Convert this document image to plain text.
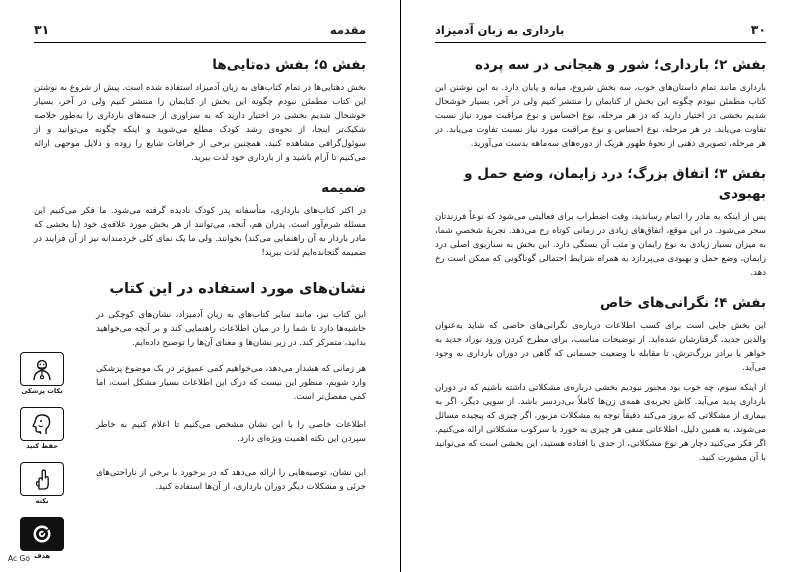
۳۰
بارداری به زبان آدمیزاد
بفش ۲؛ بارداری؛ شور و هیجانی در سه پرده

بارداری مانند تمام داستان‌های خوب، سه بخش شروع، میانه و پایان دارد. به این نوشتن این کتاب مطمئن نبودم چگونه این بخش از کتابمان را منتشر کنیم ولی در آخر، بسیار خوشحال شدیم بخشی در اختیار دارید که در هر مرحله، نوع احساس و نوع مراقبت مورد نیاز نسبت تفاوت می‌یابد. در هر مرحله، نوع احساس و نوع مراقبت مورد نیاز نسبت تفاوت می‌یابد. در هر مرحله، تصویری ذهنی از نحوهٔ ظهور هریک از دوره‌های سه‌ماهه بدست می‌آورید.

بفش ۳؛ اتفاق بزرگ؛ درد زایمان، وضع حمل و بهبودی

پس از اینکه به مادر را اتمام رساندید، وقت اضطراب برای فعالیتی می‌شود که نوعاً فرزندتان سحر می‌شود. در این موقع، اتفاق‌های زیادی در زمانی کوتاه رخ می‌دهد. تجربهٔ شخصیِ شما، به میزان بسیار زیادی به نوع زایمان و مثب آن بستگی دارد. این بخش به سناریوی اصلی درد زایمان، وضع حمل و بهبودی می‌پردازد به همراه شرایط احتمالی گوناگونی که ممکن است رخ دهد.

بفش ۴؛ نگرانی‌های خاص

این بخش جایی است برای کسب اطلاعات درباره‌ی نگرانی‌های خاصی که شاید به‌عنوان والدین جدید، گرفتارشان شده‌اید. از توضیحات مناسب، برای مطرح کردن ورود نوزاد جدید به خواهر یا برادر بزرگ‌ترش، تا مقابله با وضعیت جسمانی که گاهی در دوران بارداری به وجود می‌آید.

از اینکه سوم، چه خوب بود مجبور نبودیم بخشی درباره‌ی مشکلاتی داشته باشیم که در دوران بارداری پدید می‌آید. کاش تجربه‌ی همه‌ی زن‌ها کاملاً بی‌دردسر باشد. از سویی دیگر، اگر به بیماری از مشکلاتی که بروز می‌کند دقیقاً توجه به مشکلات مزبور، اگر چیزی که پیچیده مسائل می‌شوند، به همین دلیل، اطلاعاتی منفی هر چیزی به خورد با سرکوب مشکلاتی ارائه می‌کنیم. اگر فکر می‌کنید دچار هر نوع مشکلاتی، از جدی یا افتاده هستید، این بخشی است که می‌توانید با آن مشورت کنید.

مقدمه
۳۱
بفش ۵؛ بفش ده‌تایی‌ها

بخش دهتایی‌ها در تمام کتاب‌های به زبان آدمیزاد استفاده شده است. پیش از شروع به نوشتن این کتاب مطمئن نبودم چگونه این بخش از کتابمان را منتشر کنیم ولی در آخر، بسیار خوشحال شدیم بخشی در اختیار دارید که به سراوری از جنبه‌های بارداری را به‌طور خلاصه شکیک‌تر اینجا، از نحوه‌ی رشد کودک مطلع می‌شوید و اینکه چگونه می‌توانید و از سوئول‌گرافی مشاهده کنید. همچنین برخی از خرافات شایع را زوده و دلایل موجهی ارائه می‌کنیم تا آرام باشید و از بارداری خود لذت ببرید.

ضمیمه

در اکثر کتاب‌های بارداری، متأسفانه پدر کودک نادیده گرفته می‌شود. ما فکر می‌کنیم این مسئله شرم‌آور است. پدران هم، آنجه، می‌توانند از هر بخش مورد علاقه‌ی خود (با بخشی که مادر باردار به آن راهنمایی می‌کند) بخوانند. ولی ما یک نمای کلی خردمندانه نیز از آن فرایند در ضمیمه گنجانده‌ایم لذت ببرید!

نشان‌های مورد استفاده در این کتاب

این کتاب نیز، مانند سایر کتاب‌های به زبان آدمیزاد، نشان‌های کوچکی در حاشیه‌ها دارد تا شما را در میان اطلاعات راهنمایی کند و بر آنچه می‌خواهید بدانید، متمرکز کند. در زیر نشان‌ها و معنای آن‌ها را توضیح داده‌ایم.

هر زمانی که هشدار می‌دهد، می‌خواهیم کمی عمیق‌تر در یک موضوع پزشکی وارد شویم، منظور این نیست که درک این اطلاعات بسیار مشکل است، اما کمی مفصل‌تر است.

اطلاعات خاصی را با این نشان مشخص می‌کنیم تا اعلام کنیم به خاطر سپردن این نکته اهمیت ویژه‌ای دارد.

این نشان، توصیه‌هایی را ارائه می‌دهد که در برخورد با برخی از ناراحتی‌های جزئی و مشکلات دیگر دوران بارداری، از آن‌ها استفاده کنید.

نکات پزشکی
حفظ کنید
نکته
هدف
Ac Go
